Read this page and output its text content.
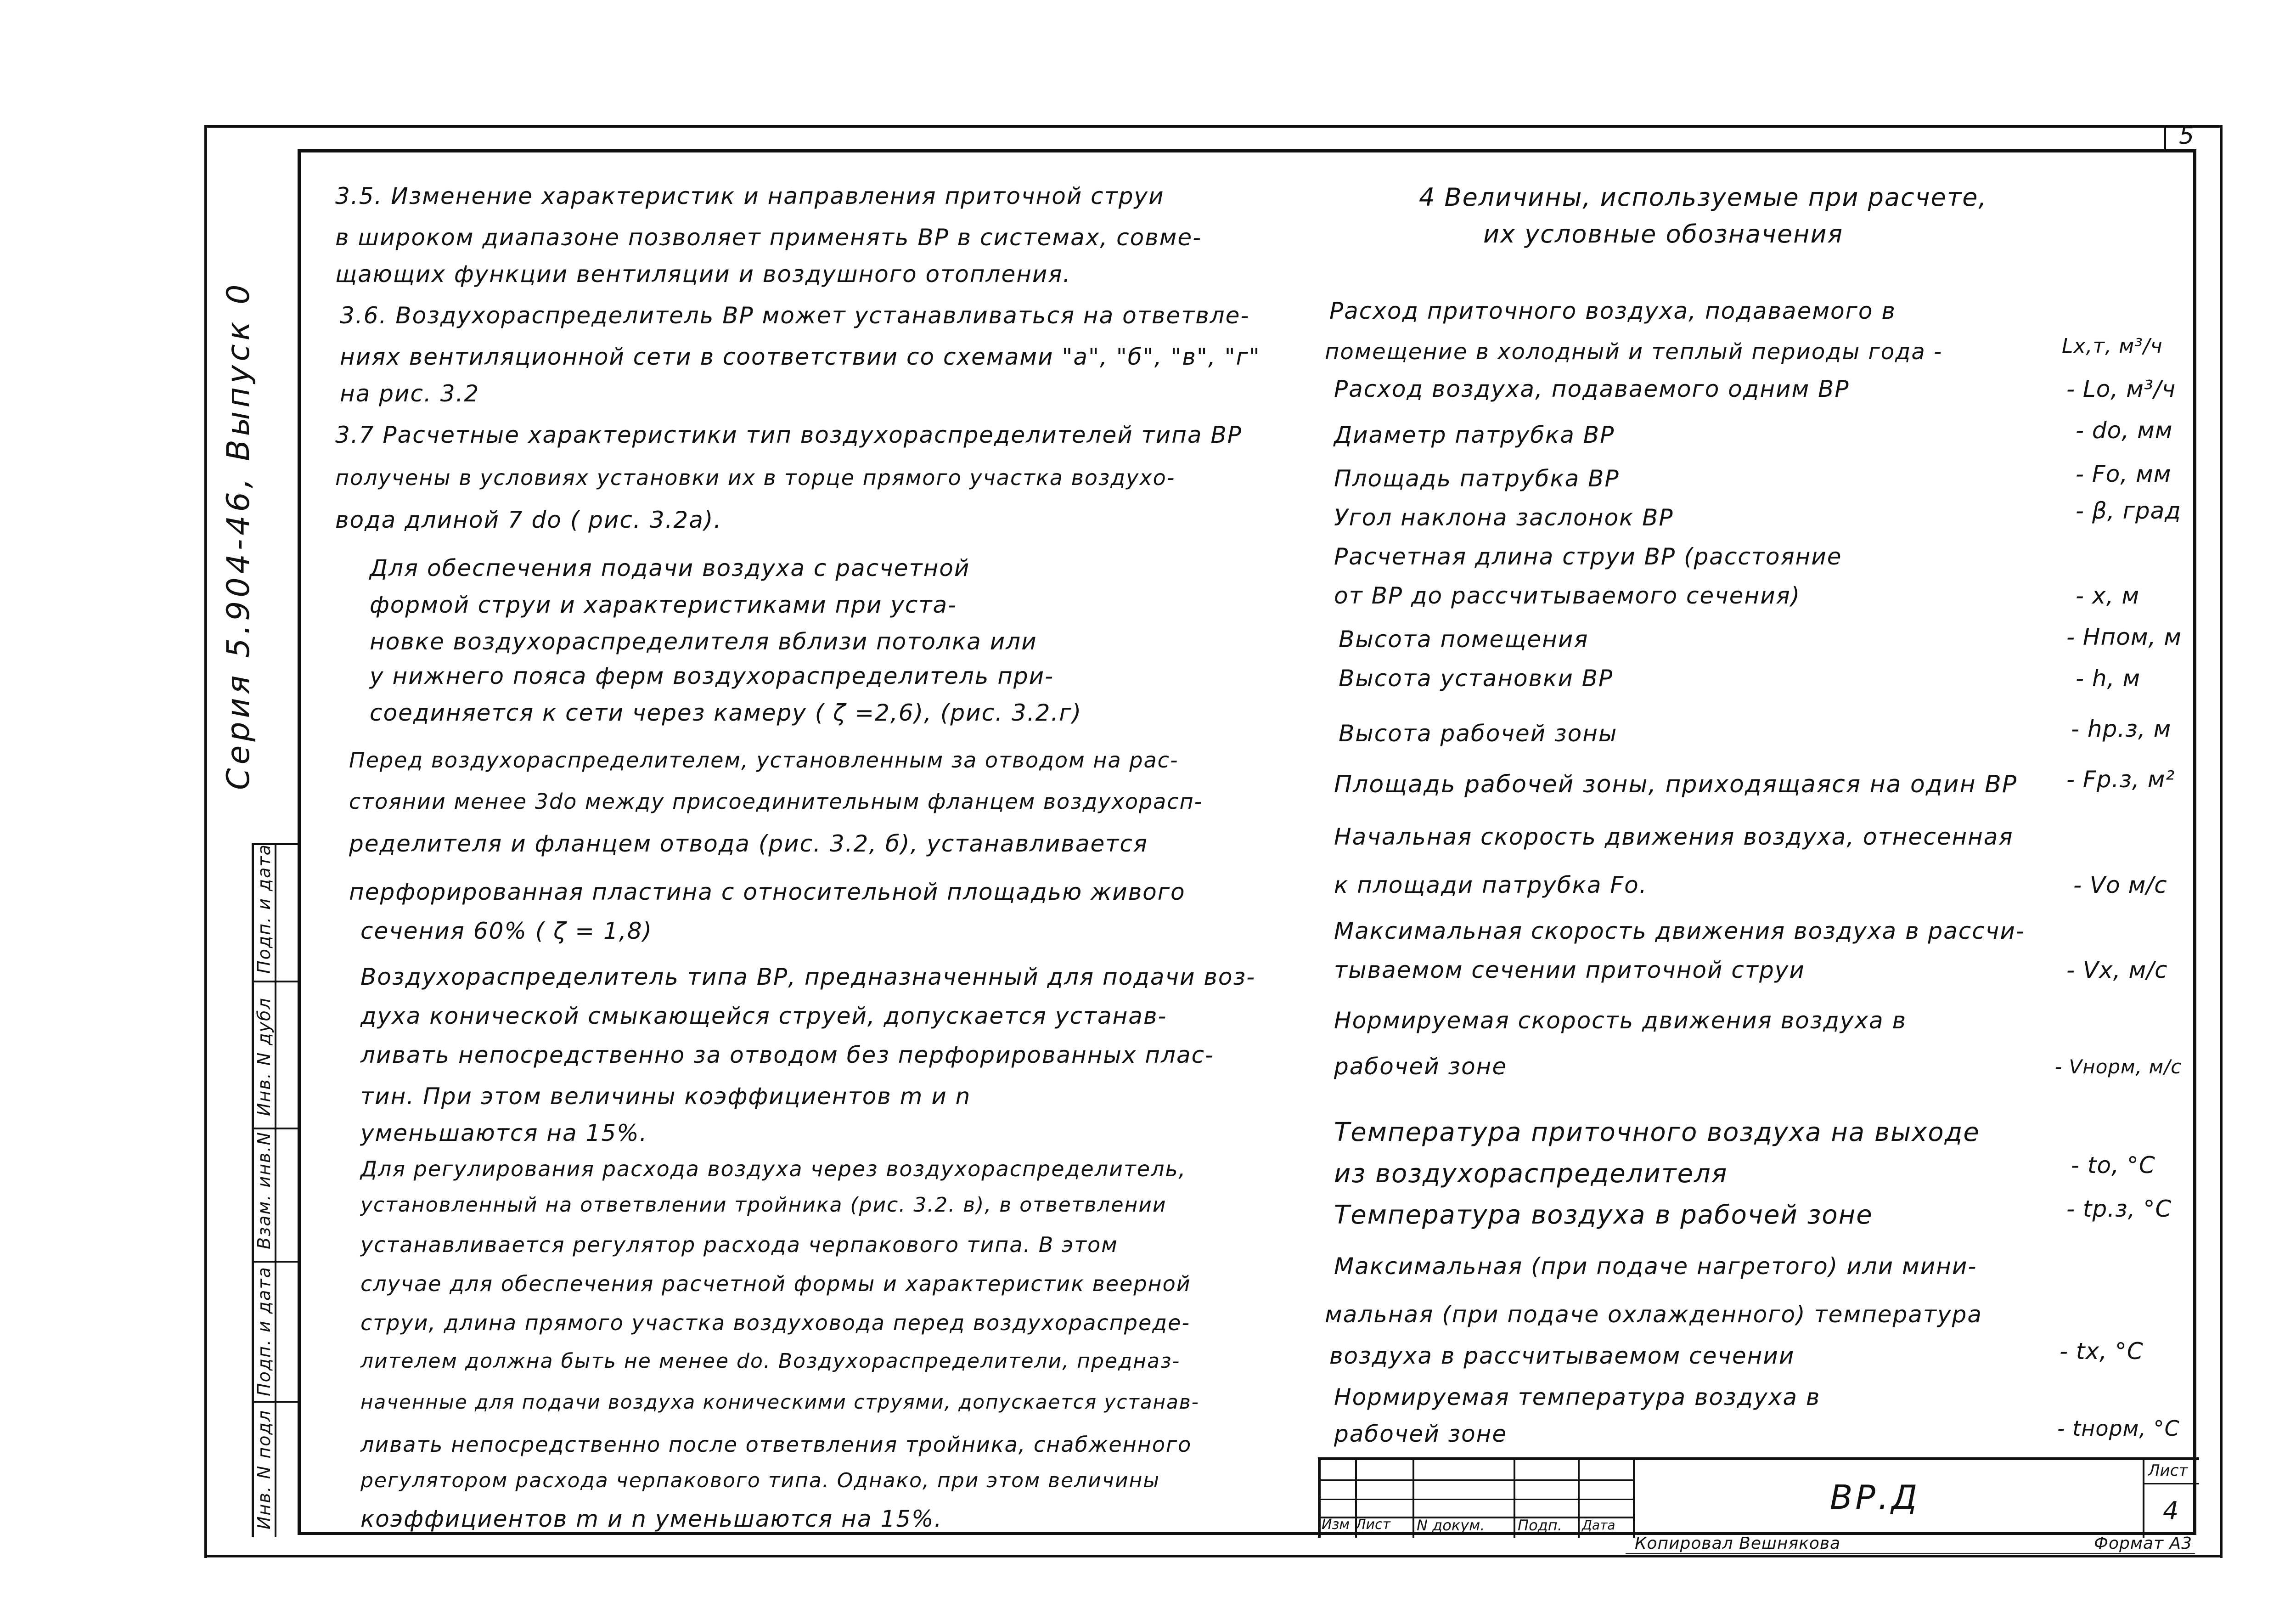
5
Серия 5.904-46, Выпуск 0
Инв. N подл
Подп. и дата
Взам. инв.N
Инв. N дубл
Подп. и дата
3.5. Изменение характеристик и направления приточной струи
в широком диапазоне позволяет применять ВР в системах, совме-
щающих функции вентиляции и воздушного отопления.
3.6. Воздухораспределитель ВР может устанавливаться на ответвле-
ниях вентиляционной сети в соответствии со схемами "а", "б", "в", "г"
на рис. 3.2
3.7 Расчетные характеристики тип воздухораспределителей типа ВР
получены в условиях установки их в торце прямого участка воздухо-
вода длиной 7 dо ( рис. 3.2а).
Для обеспечения подачи воздуха с расчетной
формой струи и характеристиками при уста-
новке воздухораспределителя вблизи потолка или
у нижнего пояса ферм воздухораспределитель при-
соединяется к сети через камеру ( ζ =2,6), (рис. 3.2.г)
Перед воздухораспределителем, установленным за отводом на рас-
стоянии менее 3dо между присоединительным фланцем воздухорасп-
ределителя и фланцем отвода (рис. 3.2, б), устанавливается
перфорированная пластина с относительной площадью живого
сечения 60% ( ζ = 1,8)
Воздухораспределитель типа ВР, предназначенный для подачи воз-
духа конической смыкающейся струей, допускается устанав-
ливать непосредственно за отводом без перфорированных плас-
тин. При этом величины коэффициентов m и n
уменьшаются на 15%.
Для регулирования расхода воздуха через воздухораспределитель,
установленный на ответвлении тройника (рис. 3.2. в), в ответвлении
устанавливается регулятор расхода черпакового типа. В этом
случае для обеспечения расчетной формы и характеристик веерной
струи, длина прямого участка воздуховода перед воздухораспреде-
лителем должна быть не менее dо. Воздухораспределители, предназ-
наченные для подачи воздуха коническими струями, допускается устанав-
ливать непосредственно после ответвления тройника, снабженного
регулятором расхода черпакового типа. Однако, при этом величины
коэффициентов m и n уменьшаются на 15%.
4 Величины, используемые при расчете,
их условные обозначения
Расход приточного воздуха, подаваемого в
помещение в холодный и теплый периоды года -
Расход воздуха, подаваемого одним ВР
Диаметр патрубка ВР
Площадь патрубка ВР
Угол наклона заслонок ВР
Расчетная длина струи ВР (расстояние
от ВР до рассчитываемого сечения)
Высота помещения
Высота установки ВР
Высота рабочей зоны
Площадь рабочей зоны, приходящаяся на один ВР
Начальная скорость движения воздуха, отнесенная
к площади патрубка Fo.
Максимальная скорость движения воздуха в рассчи-
тываемом сечении приточной струи
Нормируемая скорость движения воздуха в
рабочей зоне
Температура приточного воздуха на выходе
из воздухораспределителя
Температура воздуха в рабочей зоне
Максимальная (при подаче нагретого) или мини-
мальная (при подаче охлажденного) температура
воздуха в рассчитываемом сечении
Нормируемая температура воздуха в
рабочей зоне
Lх,т, м³/ч
- Lо, м³/ч
- dо, мм
- Fо, мм
- β, град
- x, м
- Нпом, м
- h, м
- hр.з, м
- Fр.з, м²
- Vо м/с
- Vx, м/с
- Vнорм, м/с
- tо, °C
- tр.з, °C
- tx, °C
- tнорм, °C
Изм Лист N докум. Подп. Дата
ВР.Д
Лист
4
Копировал Вешнякова	Формат А3
